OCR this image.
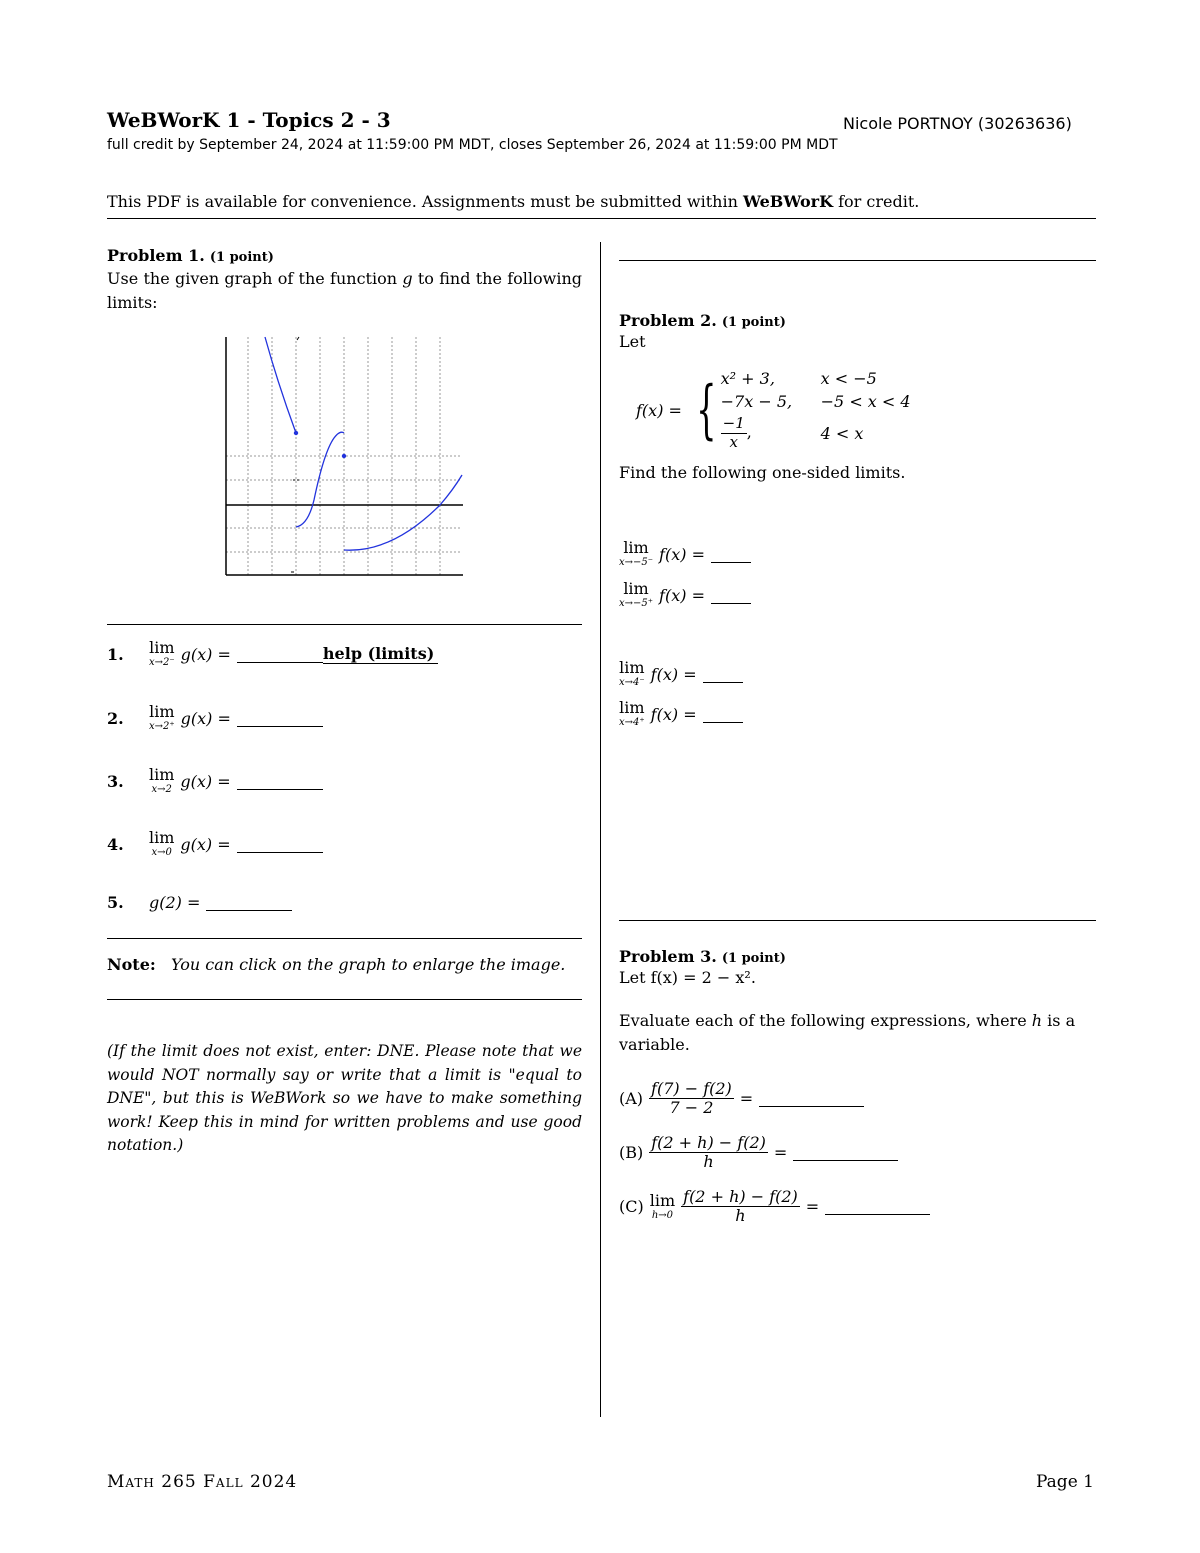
WeBWorK 1 - Topics 2 - 3	Nicole PORTNOY (30263636)
full credit by September 24, 2024 at 11:59:00 PM MDT, closes September 26, 2024 at 11:59:00 PM MDT
This PDF is available for convenience. Assignments must be submitted within WeBWorK for credit.
Problem 1. (1 point)
Use the given graph of the function g to find the following limits:
1.	lim
x→2⁻ g(x) =	help (limits)
2.	lim
x→2⁺ g(x) =
3.	lim
x→2 g(x) =
4.	lim
x→0 g(x) =
5.	g(2) =
Note: You can click on the graph to enlarge the image.
(If the limit does not exist, enter: DNE. Please note that we would NOT normally say or write that a limit is "equal to DNE", but this is WeBWork so we have to make something work! Keep this in mind for written problems and use good notation.)
Problem 2. (1 point)
Let
f(x) = { x² + 3,	x < −5
−7x − 5,	−5 < x < 4
$\frac{-1}{x}$ ,	4 < x
Find the following one-sided limits.
lim
x→−5⁻ f(x) =
lim
x→−5⁺ f(x) =
lim
x→4⁻ f(x) =
lim
x→4⁺ f(x) =
Problem 3. (1 point)
Let f(x) = 2 − x².
Evaluate each of the following expressions, where h is a variable.
$(A) \frac{f(7) - f(2)}{7 - 2}$ =
$(B) \frac{f(2 + h) - f(2)}{h}$ =
(C) lim
$h\to 0 \frac{f(2 + h) - f(2)}{h}$ =
Math 265 Fall 2024	Page 1
